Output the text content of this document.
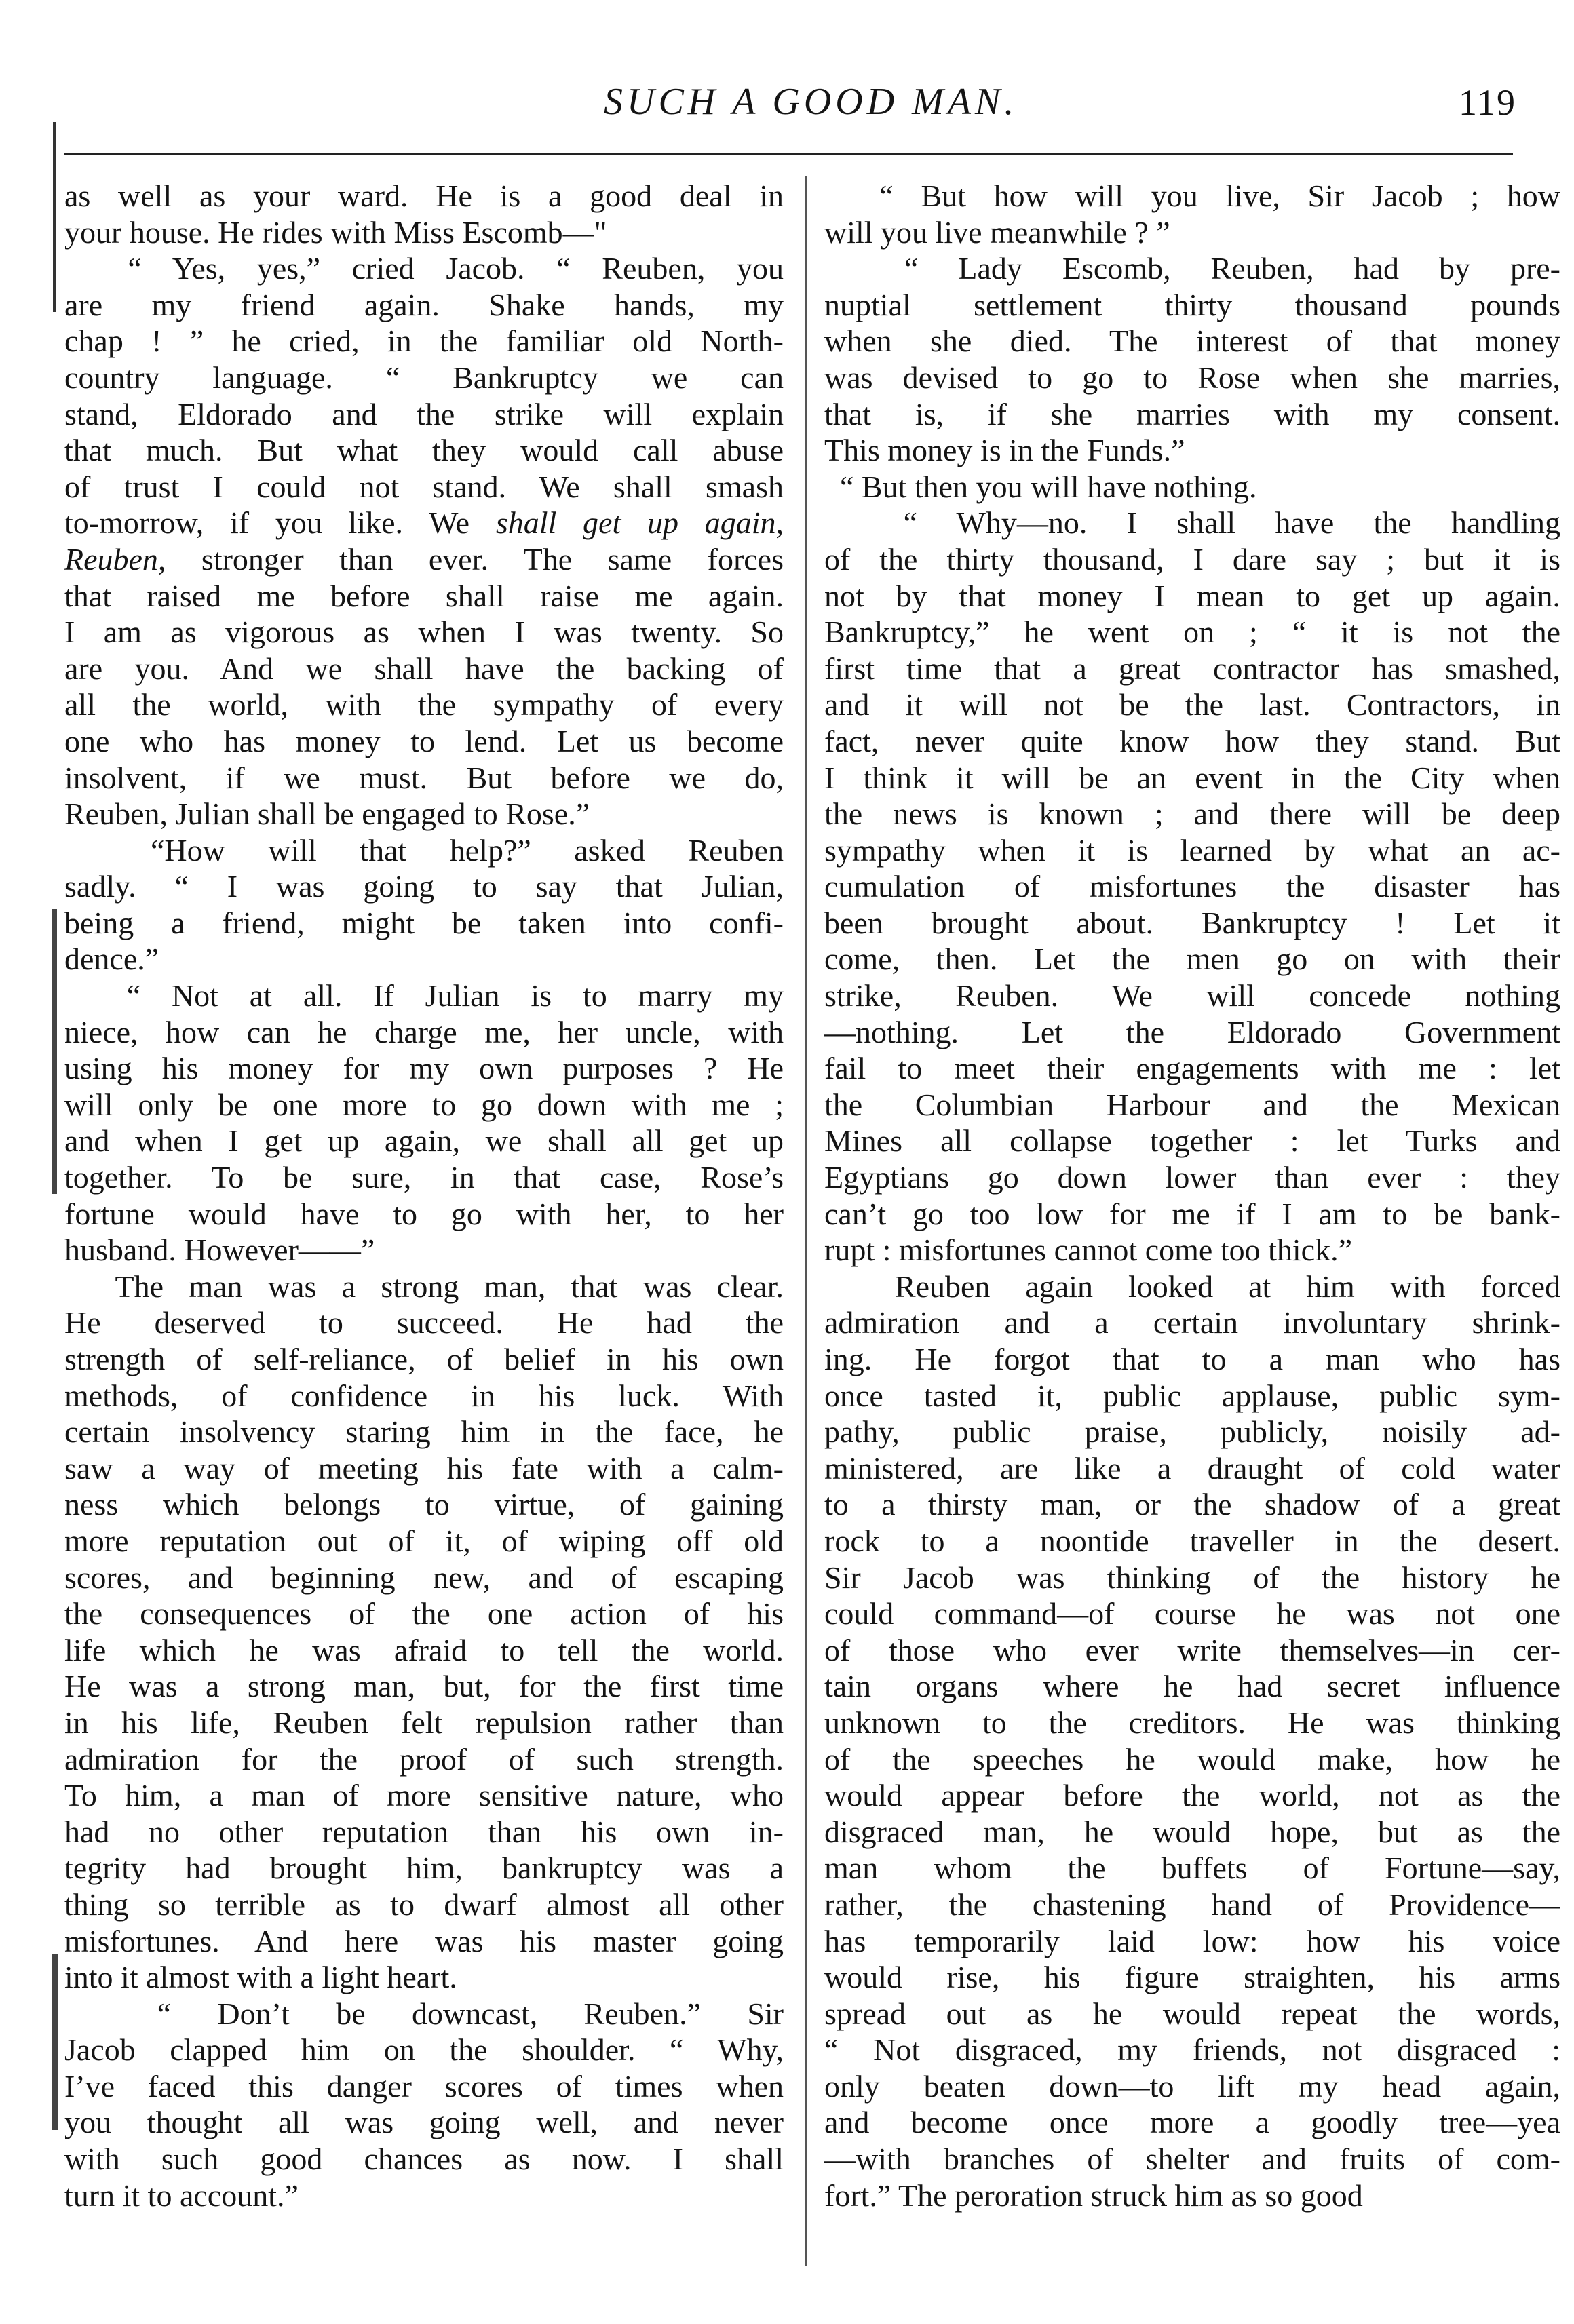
SUCH A GOOD MAN.	119
as well as your ward. He is a good deal in
your house. He rides with Miss Escomb—"
“ Yes, yes,” cried Jacob. “ Reuben, you
are my friend again. Shake hands, my
chap ! ” he cried, in the familiar old North-
country language. “ Bankruptcy we can
stand, Eldorado and the strike will explain
that much. But what they would call abuse
of trust I could not stand. We shall smash
to-morrow, if you like. We shall get up again,
Reuben, stronger than ever. The same forces
that raised me before shall raise me again.
I am as vigorous as when I was twenty. So
are you. And we shall have the backing of
all the world, with the sympathy of every
one who has money to lend. Let us become
insolvent, if we must. But before we do,
Reuben, Julian shall be engaged to Rose.”
“How will that help?” asked Reuben
sadly. “ I was going to say that Julian,
being a friend, might be taken into confi-
dence.”
“ Not at all. If Julian is to marry my
niece, how can he charge me, her uncle, with
using his money for my own purposes ? He
will only be one more to go down with me ;
and when I get up again, we shall all get up
together. To be sure, in that case, Rose’s
fortune would have to go with her, to her
husband. However——”
The man was a strong man, that was clear.
He deserved to succeed. He had the
strength of self-reliance, of belief in his own
methods, of confidence in his luck. With
certain insolvency staring him in the face, he
saw a way of meeting his fate with a calm-
ness which belongs to virtue, of gaining
more reputation out of it, of wiping off old
scores, and beginning new, and of escaping
the consequences of the one action of his
life which he was afraid to tell the world.
He was a strong man, but, for the first time
in his life, Reuben felt repulsion rather than
admiration for the proof of such strength.
To him, a man of more sensitive nature, who
had no other reputation than his own in-
tegrity had brought him, bankruptcy was a
thing so terrible as to dwarf almost all other
misfortunes. And here was his master going
into it almost with a light heart.
“ Don’t be downcast, Reuben.” Sir
Jacob clapped him on the shoulder. “ Why,
I’ve faced this danger scores of times when
you thought all was going well, and never
with such good chances as now. I shall
turn it to account.”
“ But how will you live, Sir Jacob ; how
will you live meanwhile ? ”
“ Lady Escomb, Reuben, had by pre-
nuptial settlement thirty thousand pounds
when she died. The interest of that money
was devised to go to Rose when she marries,
that is, if she marries with my consent.
This money is in the Funds.”
“ But then you will have nothing.
“ Why—no. I shall have the handling
of the thirty thousand, I dare say ; but it is
not by that money I mean to get up again.
Bankruptcy,” he went on ; “ it is not the
first time that a great contractor has smashed,
and it will not be the last. Contractors, in
fact, never quite know how they stand. But
I think it will be an event in the City when
the news is known ; and there will be deep
sympathy when it is learned by what an ac-
cumulation of misfortunes the disaster has
been brought about. Bankruptcy ! Let it
come, then. Let the men go on with their
strike, Reuben. We will concede nothing
—nothing. Let the Eldorado Government
fail to meet their engagements with me : let
the Columbian Harbour and the Mexican
Mines all collapse together : let Turks and
Egyptians go down lower than ever : they
can’t go too low for me if I am to be bank-
rupt : misfortunes cannot come too thick.”
Reuben again looked at him with forced
admiration and a certain involuntary shrink-
ing. He forgot that to a man who has
once tasted it, public applause, public sym-
pathy, public praise, publicly, noisily ad-
ministered, are like a draught of cold water
to a thirsty man, or the shadow of a great
rock to a noontide traveller in the desert.
Sir Jacob was thinking of the history he
could command—of course he was not one
of those who ever write themselves—in cer-
tain organs where he had secret influence
unknown to the creditors. He was thinking
of the speeches he would make, how he
would appear before the world, not as the
disgraced man, he would hope, but as the
man whom the buffets of Fortune—say,
rather, the chastening hand of Providence—
has temporarily laid low: how his voice
would rise, his figure straighten, his arms
spread out as he would repeat the words,
“ Not disgraced, my friends, not disgraced :
only beaten down—to lift my head again,
and become once more a goodly tree—yea
—with branches of shelter and fruits of com-
fort.” The peroration struck him as so good
